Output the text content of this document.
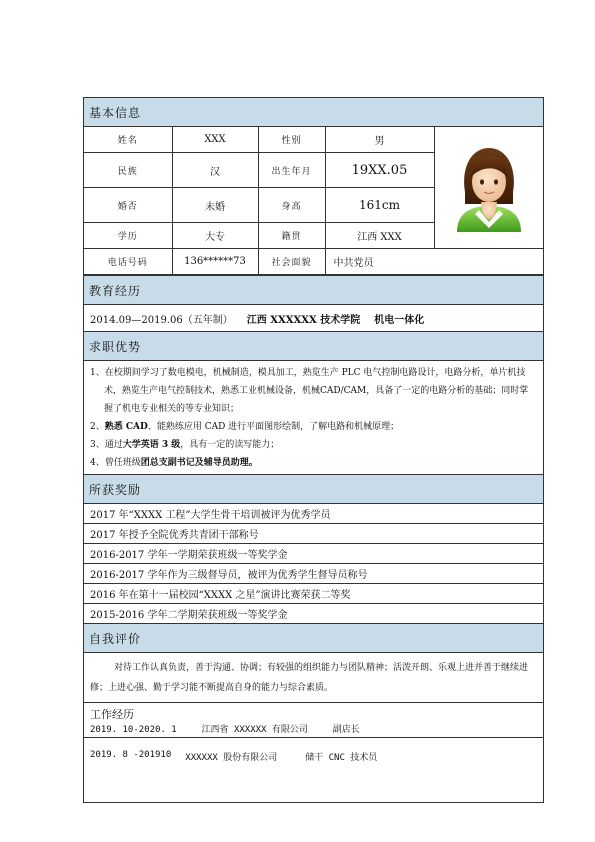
基本信息
姓名	XXX	性别	男	
民族	汉	出生年月	19XX.05	
婚否	未婚	身高	161cm	
学历	大专	籍贯	江西 XXX	
电话号码	136******73	社会面貌	中共党员	
教育经历
2014.09—2019.06（五年制） 江西 XXXXXX 技术学院 机电一体化
求职优势

1、在校期间学习了数电模电，机械制造，模具加工，熟览生产 PLC 电气控制电路设计，电路分析，单片机技术，熟览生产电气控制技术，熟悉工业机械设备，机械CAD/CAM，具备了一定的电路分析的基础；同时掌握了机电专业相关的等专业知识；

2、熟悉 CAD、能熟练应用 CAD 进行平面图形绘制，了解电路和机械原理；

3、通过大学英语 3 级，具有一定的读写能力；

4、曾任班级团总支副书记及辅导员助理。

所获奖励
2017 年“XXXX 工程”大学生骨干培训被评为优秀学员
2017 年授予全院优秀共青团干部称号
2016-2017 学年一学期荣获班级一等奖学金
2016-2017 学年作为三级督导员，被评为优秀学生督导员称号
2016 年在第十一届校园“XXXX 之星”演讲比赛荣获二等奖
2015-2016 学年二学期荣获班级一等奖学金
自我评价
对待工作认真负责，善于沟通、协调；有较强的组织能力与团队精神；活泼开朗、乐观上进并善于继续进修；上进心强、勤于学习能不断提高自身的能力与综合素质。
工作经历
2019. 10-2020. 1	江西省 XXXXXX 有限公司	副店长
2019. 8 -201910 XXXXXX 股份有限公司	储干 CNC 技术员
